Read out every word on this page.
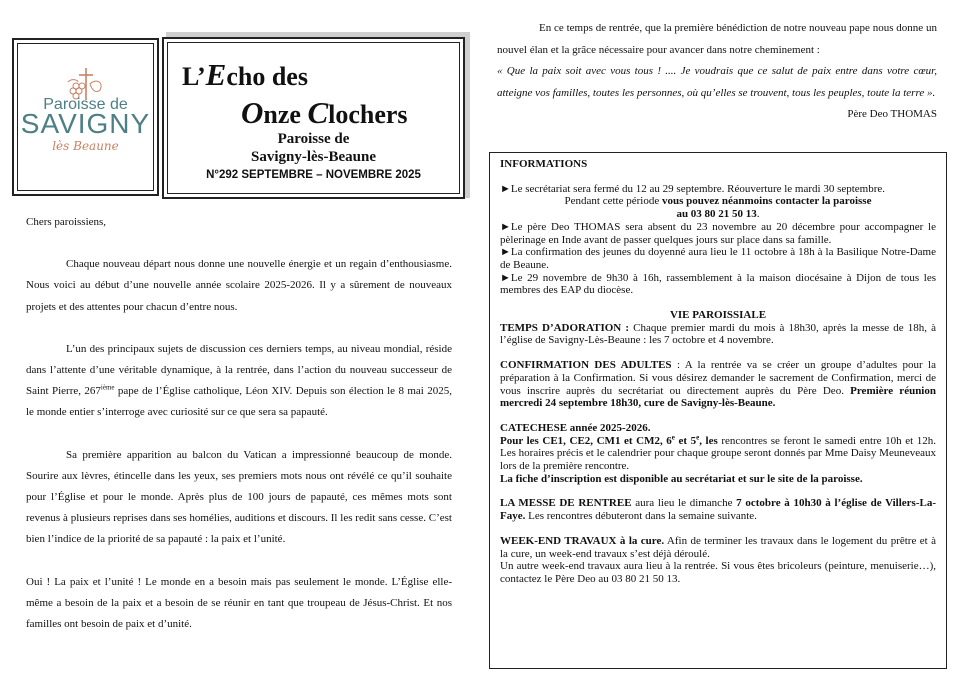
Paroisse de
SAVIGNY
lès Beaune
L’Echo des
Onze Clochers
Paroisse de
Savigny-lès-Beaune
N°292 SEPTEMBRE – NOVEMBRE 2025

Chers paroissiens,

Chaque nouveau départ nous donne une nouvelle énergie et un regain d’enthousiasme. Nous voici au début d’une nouvelle année scolaire 2025-2026. Il y a sûrement de nouveaux projets et des attentes pour chacun d’entre nous.

L’un des principaux sujets de discussion ces derniers temps, au niveau mondial, réside dans l’attente d’une véritable dynamique, à la rentrée, dans l’action du nouveau successeur de Saint Pierre, 267ième pape de l’Église catholique, Léon XIV. Depuis son élection le 8 mai 2025, le monde entier s’interroge avec curiosité sur ce que sera sa papauté.

Sa première apparition au balcon du Vatican a impressionné beaucoup de monde. Sourire aux lèvres, étincelle dans les yeux, ses premiers mots nous ont révélé ce qu’il souhaite pour l’Église et pour le monde. Après plus de 100 jours de papauté, ces mêmes mots sont revenus à plusieurs reprises dans ses homélies, auditions et discours. Il les redit sans cesse. C’est bien l’indice de la priorité de sa papauté : la paix et l’unité.

Oui ! La paix et l’unité ! Le monde en a besoin mais pas seulement le monde. L’Église elle-même a besoin de la paix et a besoin de se réunir en tant que troupeau de Jésus-Christ. Et nos familles ont besoin de paix et d’unité.

En ce temps de rentrée, que la première bénédiction de notre nouveau pape nous donne un nouvel élan et la grâce nécessaire pour avancer dans notre cheminement :

« Que la paix soit avec vous tous ! .... Je voudrais que ce salut de paix entre dans votre cœur, atteigne vos familles, toutes les personnes, où qu’elles se trouvent, tous les peuples, toute la terre ».

Père Deo THOMAS

INFORMATIONS

►Le secrétariat sera fermé du 12 au 29 septembre. Réouverture le mardi 30 septembre.

Pendant cette période vous pouvez néanmoins contacter la paroisse

au 03 80 21 50 13.

►Le père Deo THOMAS sera absent du 23 novembre au 20 décembre pour accompagner le pèlerinage en Inde avant de passer quelques jours sur place dans sa famille.

►La confirmation des jeunes du doyenné aura lieu le 11 octobre à 18h à la Basilique Notre-Dame de Beaune.

►Le 29 novembre de 9h30 à 16h, rassemblement à la maison diocésaine à Dijon de tous les membres des EAP du diocèse.

VIE PAROISSIALE

TEMPS D’ADORATION : Chaque premier mardi du mois à 18h30, après la messe de 18h, à l’église de Savigny-Lès-Beaune : les 7 octobre et 4 novembre.

CONFIRMATION DES ADULTES : A la rentrée va se créer un groupe d’adultes pour la préparation à la Confirmation. Si vous désirez demander le sacrement de Confirmation, merci de vous inscrire auprès du secrétariat ou directement auprès du Père Deo. Première réunion mercredi 24 septembre 18h30, cure de Savigny-lès-Beaune.

CATECHESE année 2025-2026.

Pour les CE1, CE2, CM1 et CM2, 6e et 5e, les rencontres se feront le samedi entre 10h et 12h. Les horaires précis et le calendrier pour chaque groupe seront donnés par Mme Daisy Meuneveaux lors de la première rencontre.

La fiche d’inscription est disponible au secrétariat et sur le site de la paroisse.

LA MESSE DE RENTREE aura lieu le dimanche 7 octobre à 10h30 à l’église de Villers-La-Faye. Les rencontres débuteront dans la semaine suivante.

WEEK-END TRAVAUX à la cure. Afin de terminer les travaux dans le logement du prêtre et à la cure, un week-end travaux s’est déjà déroulé.

Un autre week-end travaux aura lieu à la rentrée. Si vous êtes bricoleurs (peinture, menuiserie…), contactez le Père Deo au 03 80 21 50 13.
